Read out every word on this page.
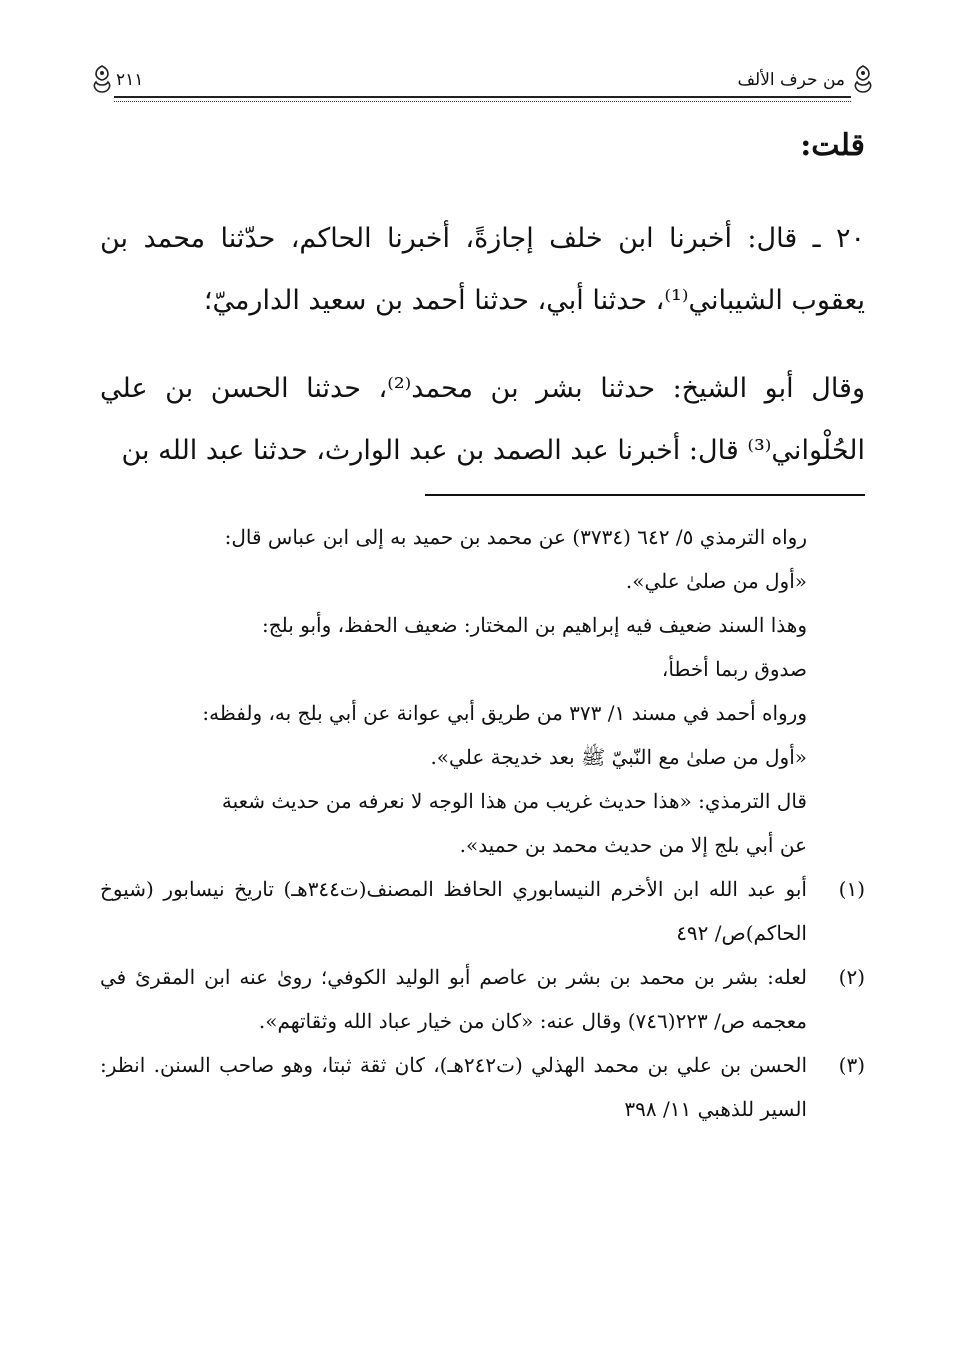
من حرف الألف
٢١١
قلت:
٢٠ ـ قال: أخبرنا ابن خلف إجازةً، أخبرنا الحاكم، حدّثنا محمد بن يعقوب الشيباني⁽¹⁾، حدثنا أبي، حدثنا أحمد بن سعيد الدارميّ؛
وقال أبو الشيخ: حدثنا بشر بن محمد⁽²⁾، حدثنا الحسن بن علي الحُلْواني⁽³⁾ قال: أخبرنا عبد الصمد بن عبد الوارث، حدثنا عبد الله بن
رواه الترمذي ٥/ ٦٤٢ (٣٧٣٤) عن محمد بن حميد به إلى ابن عباس قال:
«أول من صلىٰ علي».
وهذا السند ضعيف فيه إبراهيم بن المختار: ضعيف الحفظ، وأبو بلج:
صدوق ربما أخطأ،
ورواه أحمد في مسند ١/ ٣٧٣ من طريق أبي عوانة عن أبي بلج به، ولفظه:
«أول من صلىٰ مع النّبيّ ﷺ بعد خديجة علي».
قال الترمذي: «هذا حديث غريب من هذا الوجه لا نعرفه من حديث شعبة
عن أبي بلج إلا من حديث محمد بن حميد».
(١)
أبو عبد الله ابن الأخرم النيسابوري الحافظ المصنف(ت٣٤٤هـ) تاريخ نيسابور (شيوخ الحاكم)ص/ ٤٩٢
(٢)
لعله: بشر بن محمد بن بشر بن عاصم أبو الوليد الكوفي؛ روىٰ عنه ابن المقرئ في معجمه ص/ ٢٢٣(٧٤٦) وقال عنه: «كان من خيار عباد الله وثقاتهم».
(٣)
الحسن بن علي بن محمد الهذلي (ت٢٤٢هـ)، كان ثقة ثبتا، وهو صاحب السنن. انظر: السير للذهبي ١١/ ٣٩٨
